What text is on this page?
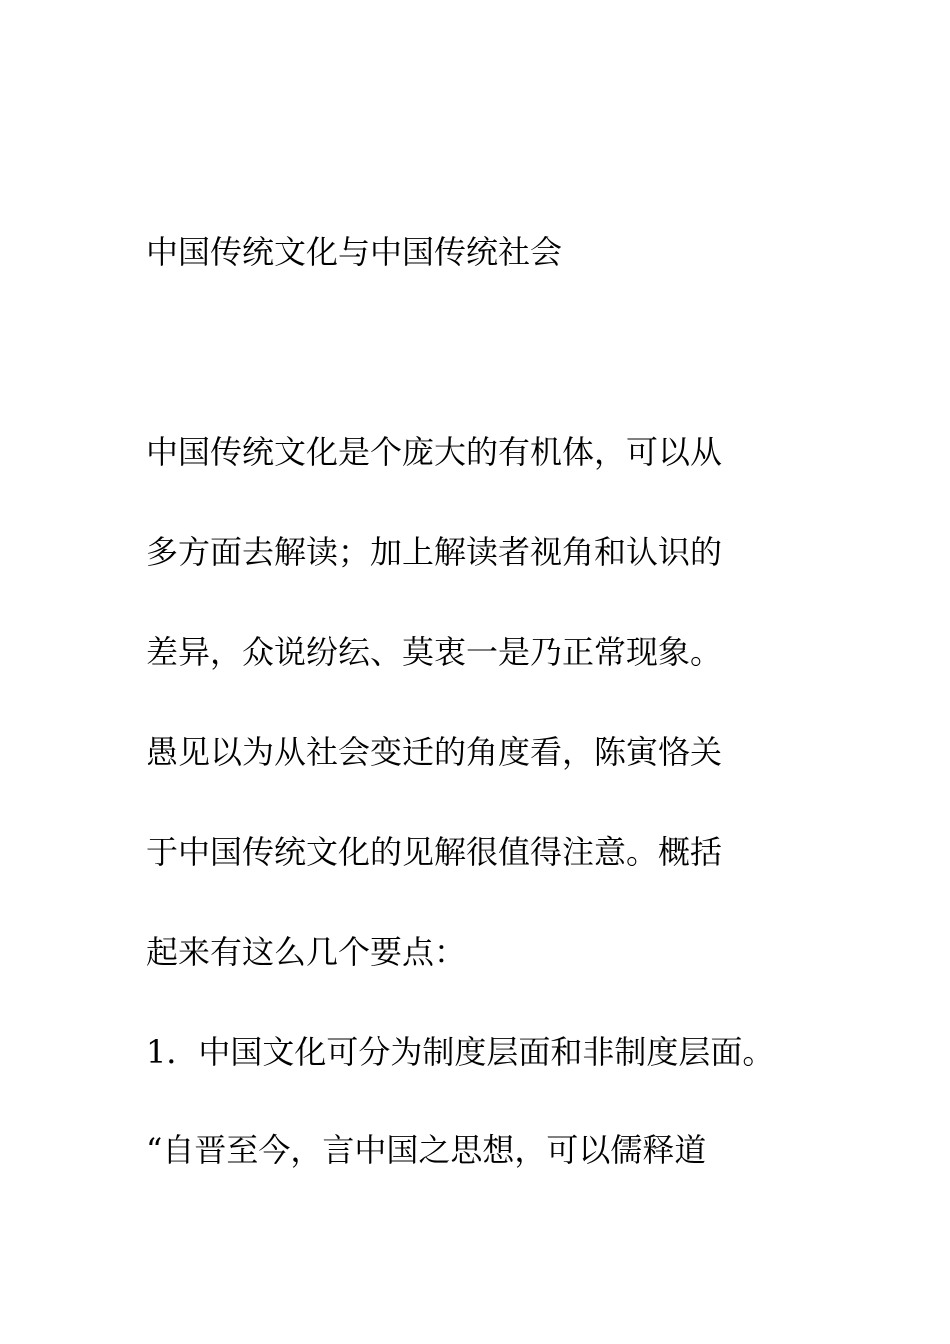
中国传统文化与中国传统社会
中国传统文化是个庞大的有机体，可以从
多方面去解读；加上解读者视角和认识的
差异，众说纷纭、莫衷一是乃正常现象。
愚见以为从社会变迁的角度看，陈寅恪关
于中国传统文化的见解很值得注意。概括
起来有这么几个要点：
1．中国文化可分为制度层面和非制度层面。
“自晋至今，言中国之思想，可以儒释道
